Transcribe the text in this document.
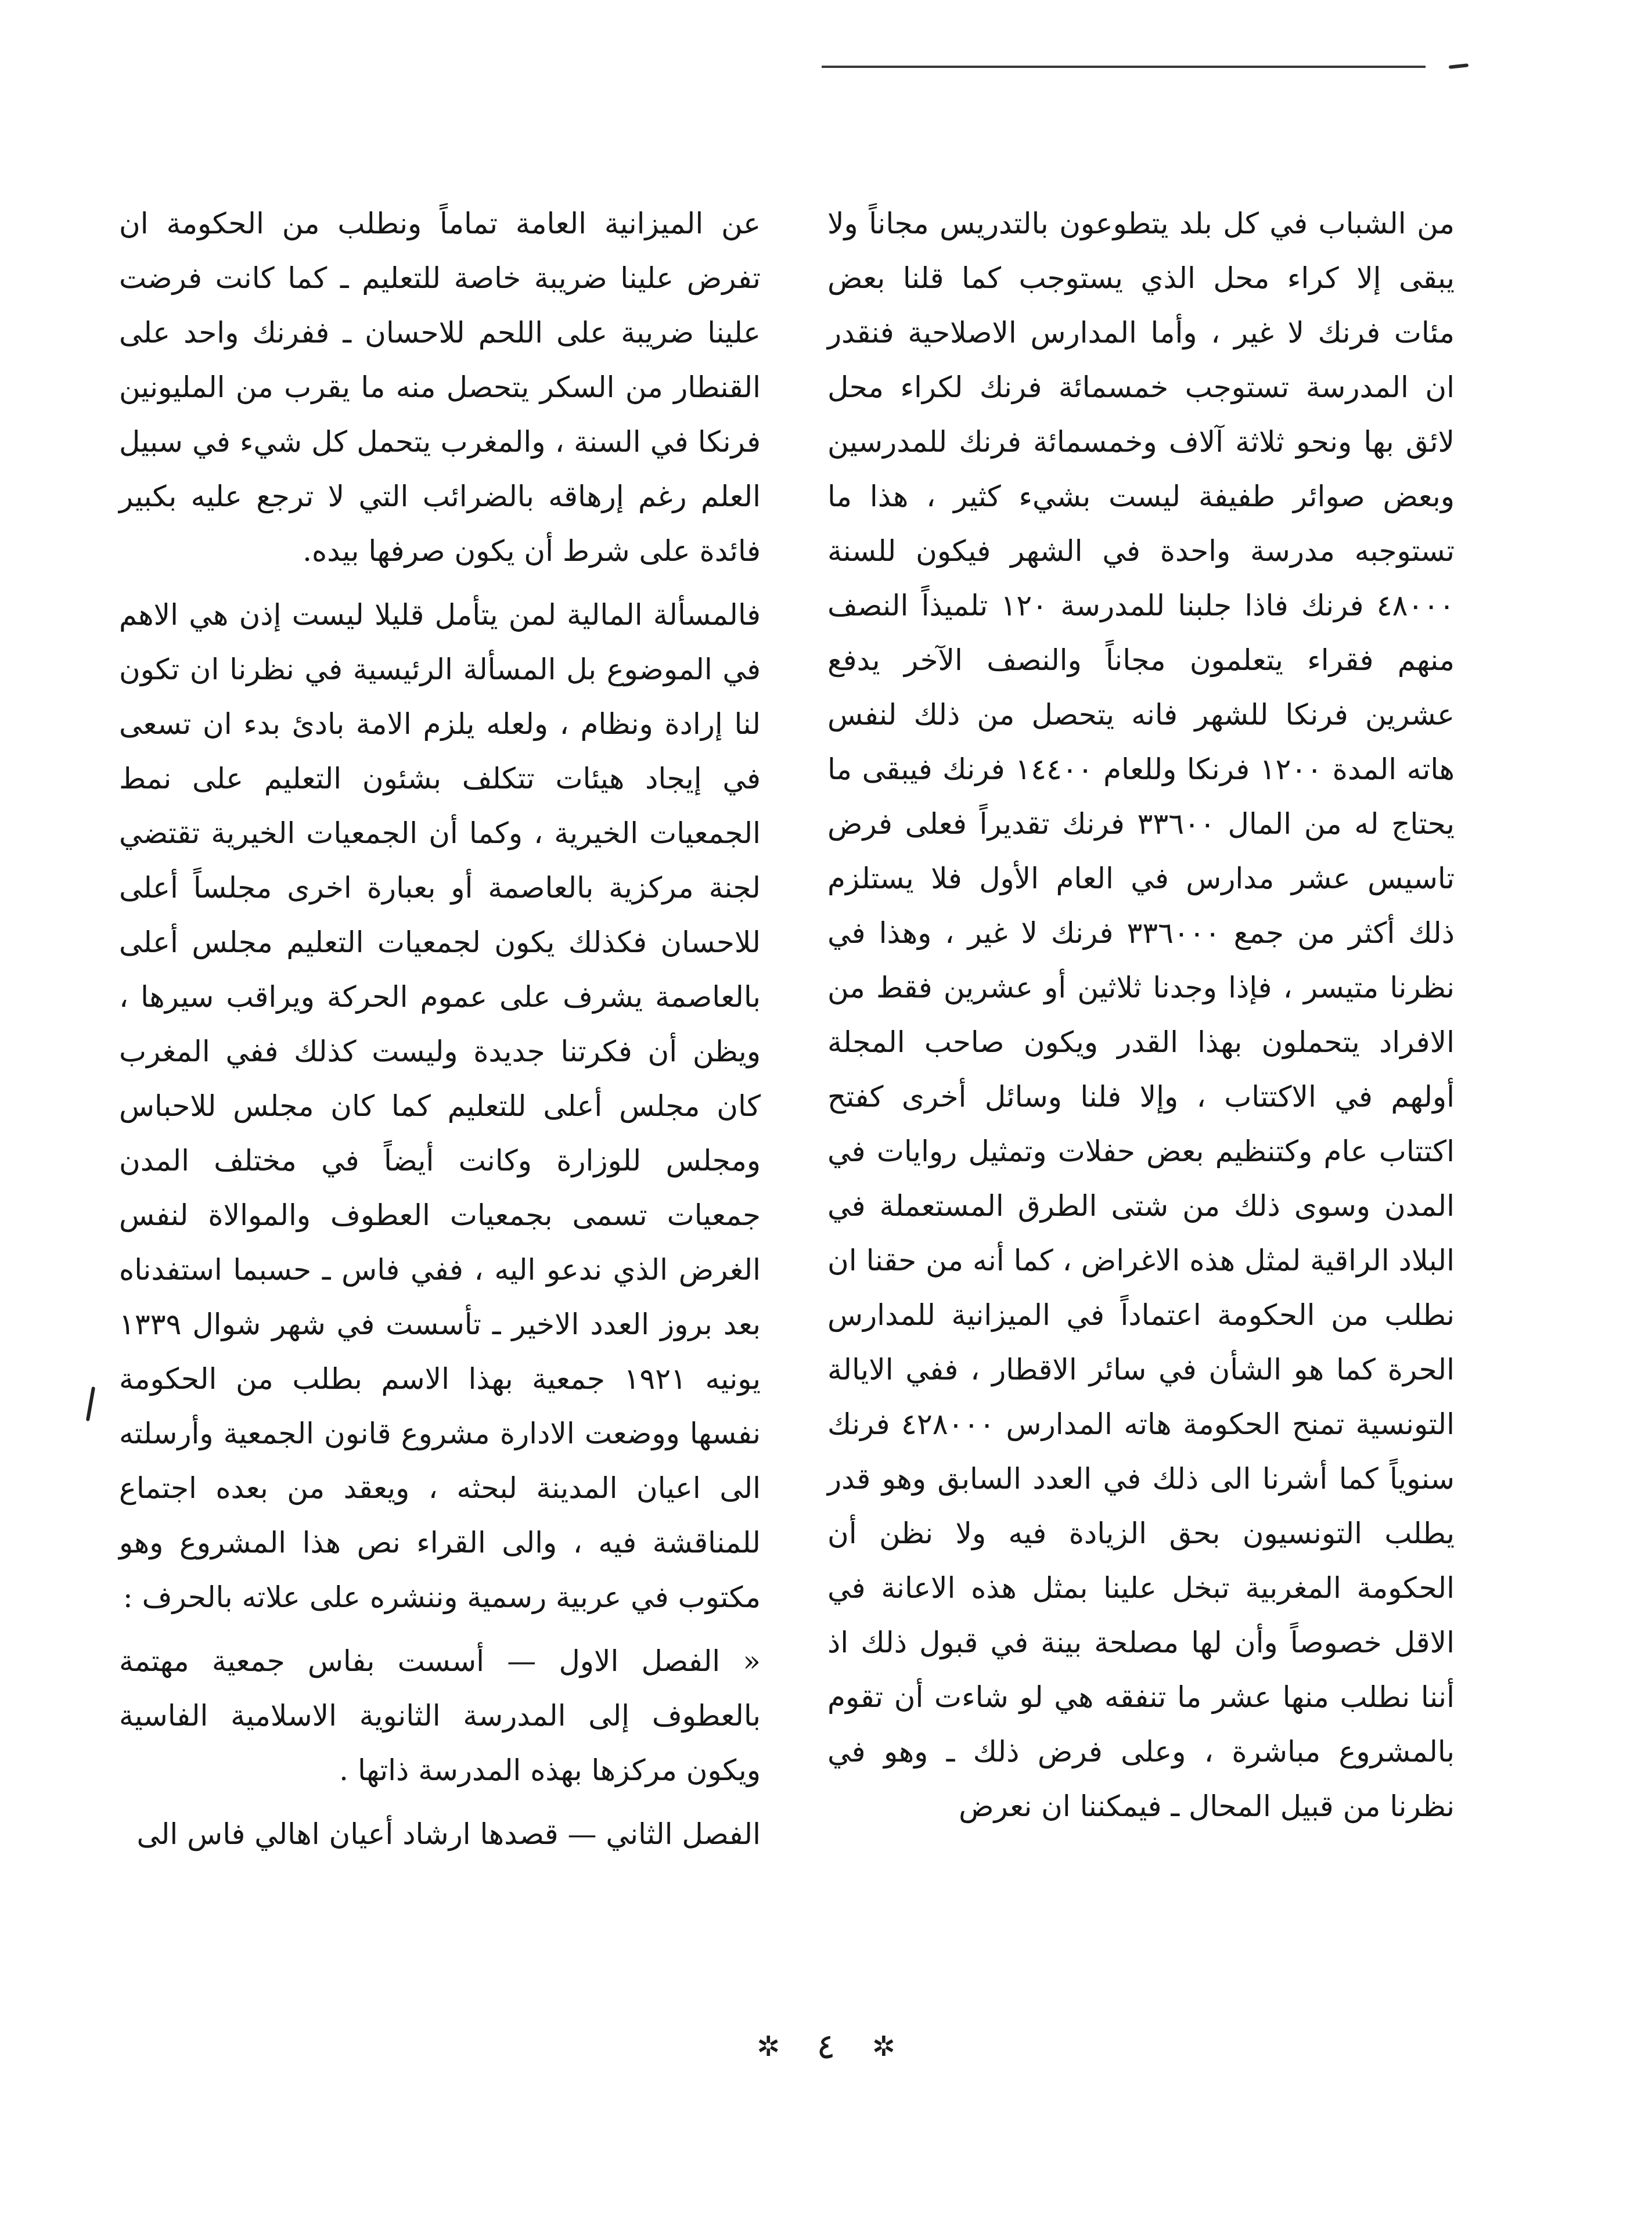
من الشباب في كل بلد يتطوعون بالتدريس مجاناً ولا يبقى إلا كراء محل الذي يستوجب كما قلنا بعض مئات فرنك لا غير ، وأما المدارس الاصلاحية فنقدر ان المدرسة تستوجب خمسمائة فرنك لكراء محل لائق بها ونحو ثلاثة آلاف وخمسمائة فرنك للمدرسين وبعض صوائر طفيفة ليست بشيء كثير ، هذا ما تستوجبه مدرسة واحدة في الشهر فيكون للسنة ٤٨٠٠٠ فرنك فاذا جلبنا للمدرسة ١٢٠ تلميذاً النصف منهم فقراء يتعلمون مجاناً والنصف الآخر يدفع عشرين فرنكا للشهر فانه يتحصل من ذلك لنفس هاته المدة ١٢٠٠ فرنكا وللعام ١٤٤٠٠ فرنك فيبقى ما يحتاج له من المال ٣٣٦٠٠ فرنك تقديراً فعلى فرض تاسيس عشر مدارس في العام الأول فلا يستلزم ذلك أكثر من جمع ٣٣٦٠٠٠ فرنك لا غير ، وهذا في نظرنا متيسر ، فإذا وجدنا ثلاثين أو عشرين فقط من الافراد يتحملون بهذا القدر ويكون صاحب المجلة أولهم في الاكتتاب ، وإلا فلنا وسائل أخرى كفتح اكتتاب عام وكتنظيم بعض حفلات وتمثيل روايات في المدن وسوى ذلك من شتى الطرق المستعملة في البلاد الراقية لمثل هذه الاغراض ، كما أنه من حقنا ان نطلب من الحكومة اعتماداً في الميزانية للمدارس الحرة كما هو الشأن في سائر الاقطار ، ففي الايالة التونسية تمنح الحكومة هاته المدارس ٤٢٨٠٠٠ فرنك سنوياً كما أشرنا الى ذلك في العدد السابق وهو قدر يطلب التونسيون بحق الزيادة فيه ولا نظن أن الحكومة المغربية تبخل علينا بمثل هذه الاعانة في الاقل خصوصاً وأن لها مصلحة بينة في قبول ذلك اذ أننا نطلب منها عشر ما تنفقه هي لو شاءت أن تقوم بالمشروع مباشرة ، وعلى فرض ذلك ـ وهو في نظرنا من قبيل المحال ـ فيمكننا ان نعرض

عن الميزانية العامة تماماً ونطلب من الحكومة ان تفرض علينا ضريبة خاصة للتعليم ـ كما كانت فرضت علينا ضريبة على اللحم للاحسان ـ ففرنك واحد على القنطار من السكر يتحصل منه ما يقرب من المليونين فرنكا في السنة ، والمغرب يتحمل كل شيء في سبيل العلم رغم إرهاقه بالضرائب التي لا ترجع عليه بكبير فائدة على شرط أن يكون صرفها بيده.

فالمسألة المالية لمن يتأمل قليلا ليست إذن هي الاهم في الموضوع بل المسألة الرئيسية في نظرنا ان تكون لنا إرادة ونظام ، ولعله يلزم الامة بادئ بدء ان تسعى في إيجاد هيئات تتكلف بشئون التعليم على نمط الجمعيات الخيرية ، وكما أن الجمعيات الخيرية تقتضي لجنة مركزية بالعاصمة أو بعبارة اخرى مجلساً أعلى للاحسان فكذلك يكون لجمعيات التعليم مجلس أعلى بالعاصمة يشرف على عموم الحركة ويراقب سيرها ، ويظن أن فكرتنا جديدة وليست كذلك ففي المغرب كان مجلس أعلى للتعليم كما كان مجلس للاحباس ومجلس للوزارة وكانت أيضاً في مختلف المدن جمعيات تسمى بجمعيات العطوف والموالاة لنفس الغرض الذي ندعو اليه ، ففي فاس ـ حسبما استفدناه بعد بروز العدد الاخير ـ تأسست في شهر شوال ١٣٣٩ يونيه ١٩٢١ جمعية بهذا الاسم بطلب من الحكومة نفسها ووضعت الادارة مشروع قانون الجمعية وأرسلته الى اعيان المدينة لبحثه ، ويعقد من بعده اجتماع للمناقشة فيه ، والى القراء نص هذا المشروع وهو مكتوب في عربية رسمية وننشره على علاته بالحرف :

« الفصل الاول — أسست بفاس جمعية مهتمة بالعطوف إلى المدرسة الثانوية الاسلامية الفاسية ويكون مركزها بهذه المدرسة ذاتها .

الفصل الثاني — قصدها ارشاد أعيان اهالي فاس الى

✲ ٤ ✲
